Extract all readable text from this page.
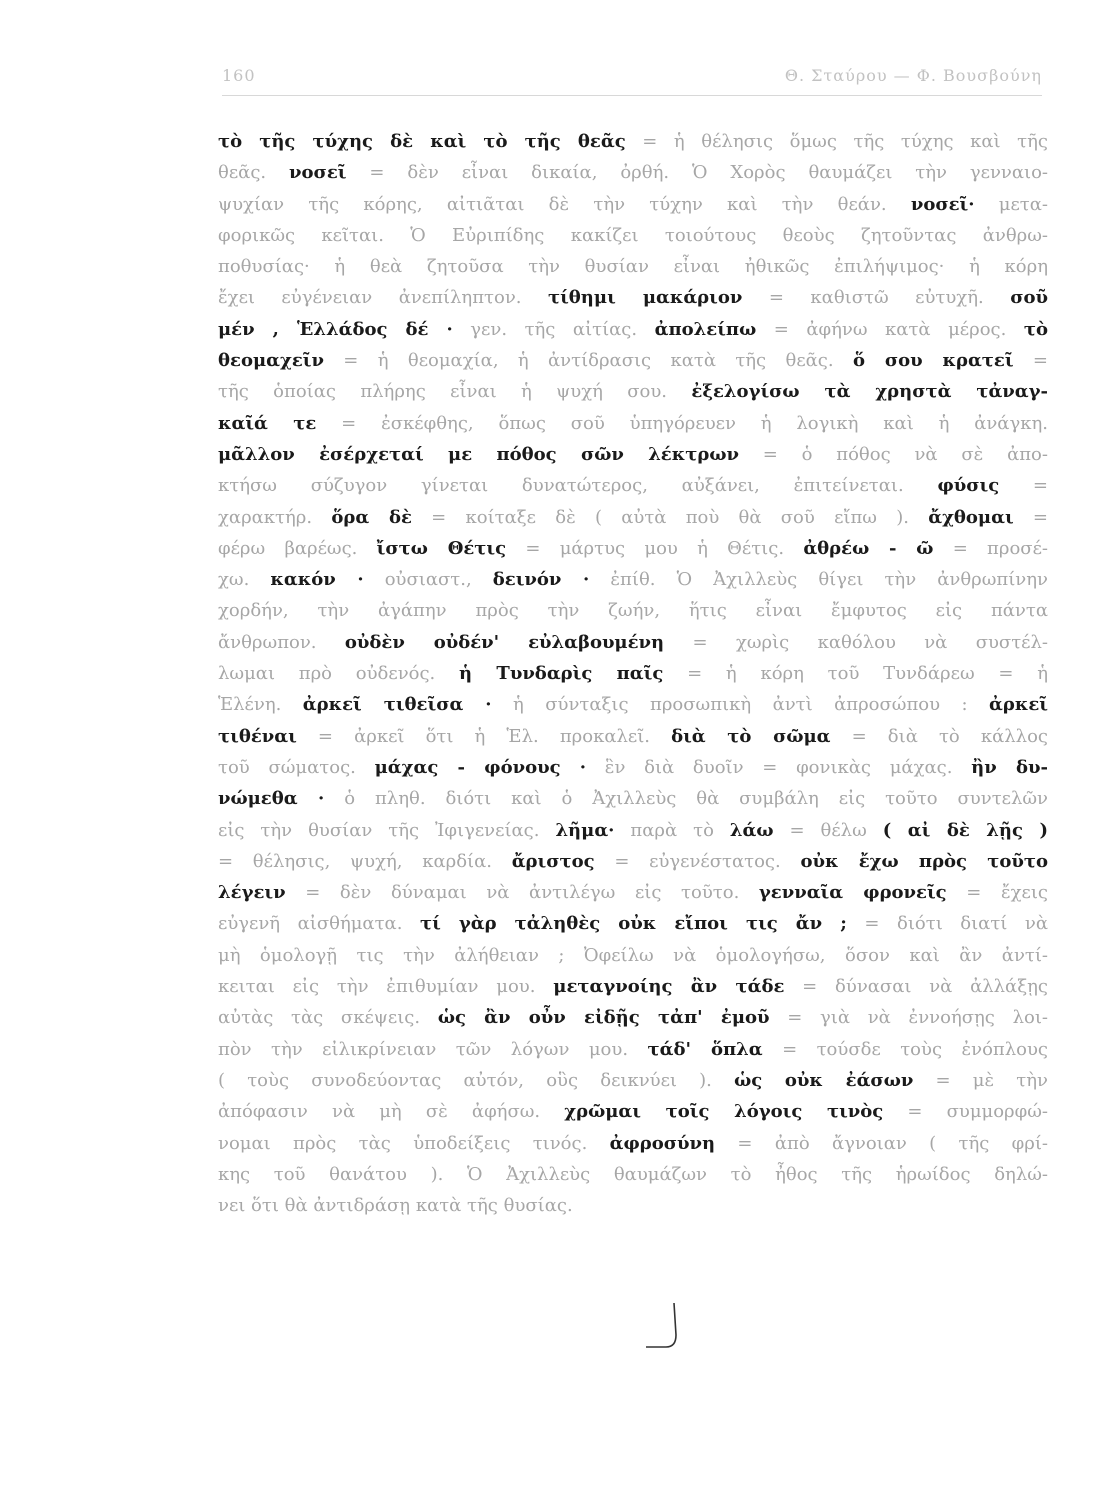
160	Θ. Σταύρου — Φ. Βουσβούνη
τὸ τῆς τύχης δὲ καὶ τὸ τῆς θεᾶς = ἡ θέλησις ὅμως τῆς τύχης καὶ τῆς
θεᾶς. νοσεῖ = δὲν εἶναι δικαία, ὀρθή. Ὁ Χορὸς θαυμάζει τὴν γενναιο-
ψυχίαν τῆς κόρης, αἰτιᾶται δὲ τὴν τύχην καὶ τὴν θεάν. νοσεῖ· μετα-
φορικῶς κεῖται. Ὁ Εὐριπίδης κακίζει τοιούτους θεοὺς ζητοῦντας ἀνθρω-
ποθυσίας· ἡ θεὰ ζητοῦσα τὴν θυσίαν εἶναι ἠθικῶς ἐπιλήψιμος· ἡ κόρη
ἔχει εὐγένειαν ἀνεπίληπτον. τίθημι μακάριον = καθιστῶ εὐτυχῆ. σοῦ
μέν , Ἑλλάδος δέ · γεν. τῆς αἰτίας. ἀπολείπω = ἀφήνω κατὰ μέρος. τὸ
θεομαχεῖν = ἡ θεομαχία, ἡ ἀντίδρασις κατὰ τῆς θεᾶς. ὅ σου κρατεῖ =
τῆς ὁποίας πλήρης εἶναι ἡ ψυχή σου. ἐξελογίσω τὰ χρηστὰ τἀναγ-
καῖά τε = ἐσκέφθης, ὅπως σοῦ ὑπηγόρευεν ἡ λογικὴ καὶ ἡ ἀνάγκη.
μᾶλλον ἐσέρχεταί με πόθος σῶν λέκτρων = ὁ πόθος νὰ σὲ ἀπο-
κτήσω σύζυγον γίνεται δυνατώτερος, αὐξάνει, ἐπιτείνεται. φύσις =
χαρακτήρ. ὅρα δὲ = κοίταξε δὲ ( αὐτὰ ποὺ θὰ σοῦ εἴπω ). ἄχθομαι =
φέρω βαρέως. ἴστω Θέτις = μάρτυς μου ἡ Θέτις. ἀθρέω - ῶ = προσέ-
χω. κακόν · οὐσιαστ., δεινόν · ἐπίθ. Ὁ Ἀχιλλεὺς θίγει τὴν ἀνθρωπίνην
χορδήν, τὴν ἀγάπην πρὸς τὴν ζωήν, ἥτις εἶναι ἔμφυτος εἰς πάντα
ἄνθρωπον. οὐδὲν οὐδέν' εὐλαβουμένη = χωρὶς καθόλου νὰ συστέλ-
λωμαι πρὸ οὐδενός. ἡ Τυνδαρὶς παῖς = ἡ κόρη τοῦ Τυνδάρεω = ἡ
Ἑλένη. ἀρκεῖ τιθεῖσα · ἡ σύνταξις προσωπικὴ ἀντὶ ἀπροσώπου : ἀρκεῖ
τιθέναι = ἀρκεῖ ὅτι ἡ Ἑλ. προκαλεῖ. διὰ τὸ σῶμα = διὰ τὸ κάλλος
τοῦ σώματος. μάχας - φόνους · ἓν διὰ δυοῖν = φονικὰς μάχας. ἢν δυ-
νώμεθα · ὁ πληθ. διότι καὶ ὁ Ἀχιλλεὺς θὰ συμβάλη εἰς τοῦτο συντελῶν
εἰς τὴν θυσίαν τῆς Ἰφιγενείας. λῆμα· παρὰ τὸ λάω = θέλω ( αἰ δὲ λῇς )
= θέλησις, ψυχή, καρδία. ἄριστος = εὐγενέστατος. οὐκ ἔχω πρὸς τοῦτο
λέγειν = δὲν δύναμαι νὰ ἀντιλέγω εἰς τοῦτο. γενναῖα φρονεῖς = ἔχεις
εὐγενῆ αἰσθήματα. τί γὰρ τἀληθὲς οὐκ εἴποι τις ἄν ; = διότι διατί νὰ
μὴ ὁμολογῇ τις τὴν ἀλήθειαν ; Ὀφείλω νὰ ὁμολογήσω, ὅσον καὶ ἂν ἀντί-
κειται εἰς τὴν ἐπιθυμίαν μου. μεταγνοίης ἂν τάδε = δύνασαι νὰ ἀλλάξῃς
αὐτὰς τὰς σκέψεις. ὡς ἂν οὖν εἰδῇς τἀπ' ἐμοῦ = γιὰ νὰ ἐννοήσῃς λοι-
πὸν τὴν εἰλικρίνειαν τῶν λόγων μου. τάδ' ὅπλα = τούσδε τοὺς ἐνόπλους
( τοὺς συνοδεύοντας αὐτόν, οὓς δεικνύει ). ὡς οὐκ ἐάσων = μὲ τὴν
ἀπόφασιν νὰ μὴ σὲ ἀφήσω. χρῶμαι τοῖς λόγοις τινὸς = συμμορφώ-
νομαι πρὸς τὰς ὑποδείξεις τινός. ἀφροσύνη = ἀπὸ ἄγνοιαν ( τῆς φρί-
κης τοῦ θανάτου ). Ὁ Ἀχιλλεὺς θαυμάζων τὸ ἦθος τῆς ἡρωίδος δηλώ-
νει ὅτι θὰ ἀντιδράσῃ κατὰ τῆς θυσίας.
